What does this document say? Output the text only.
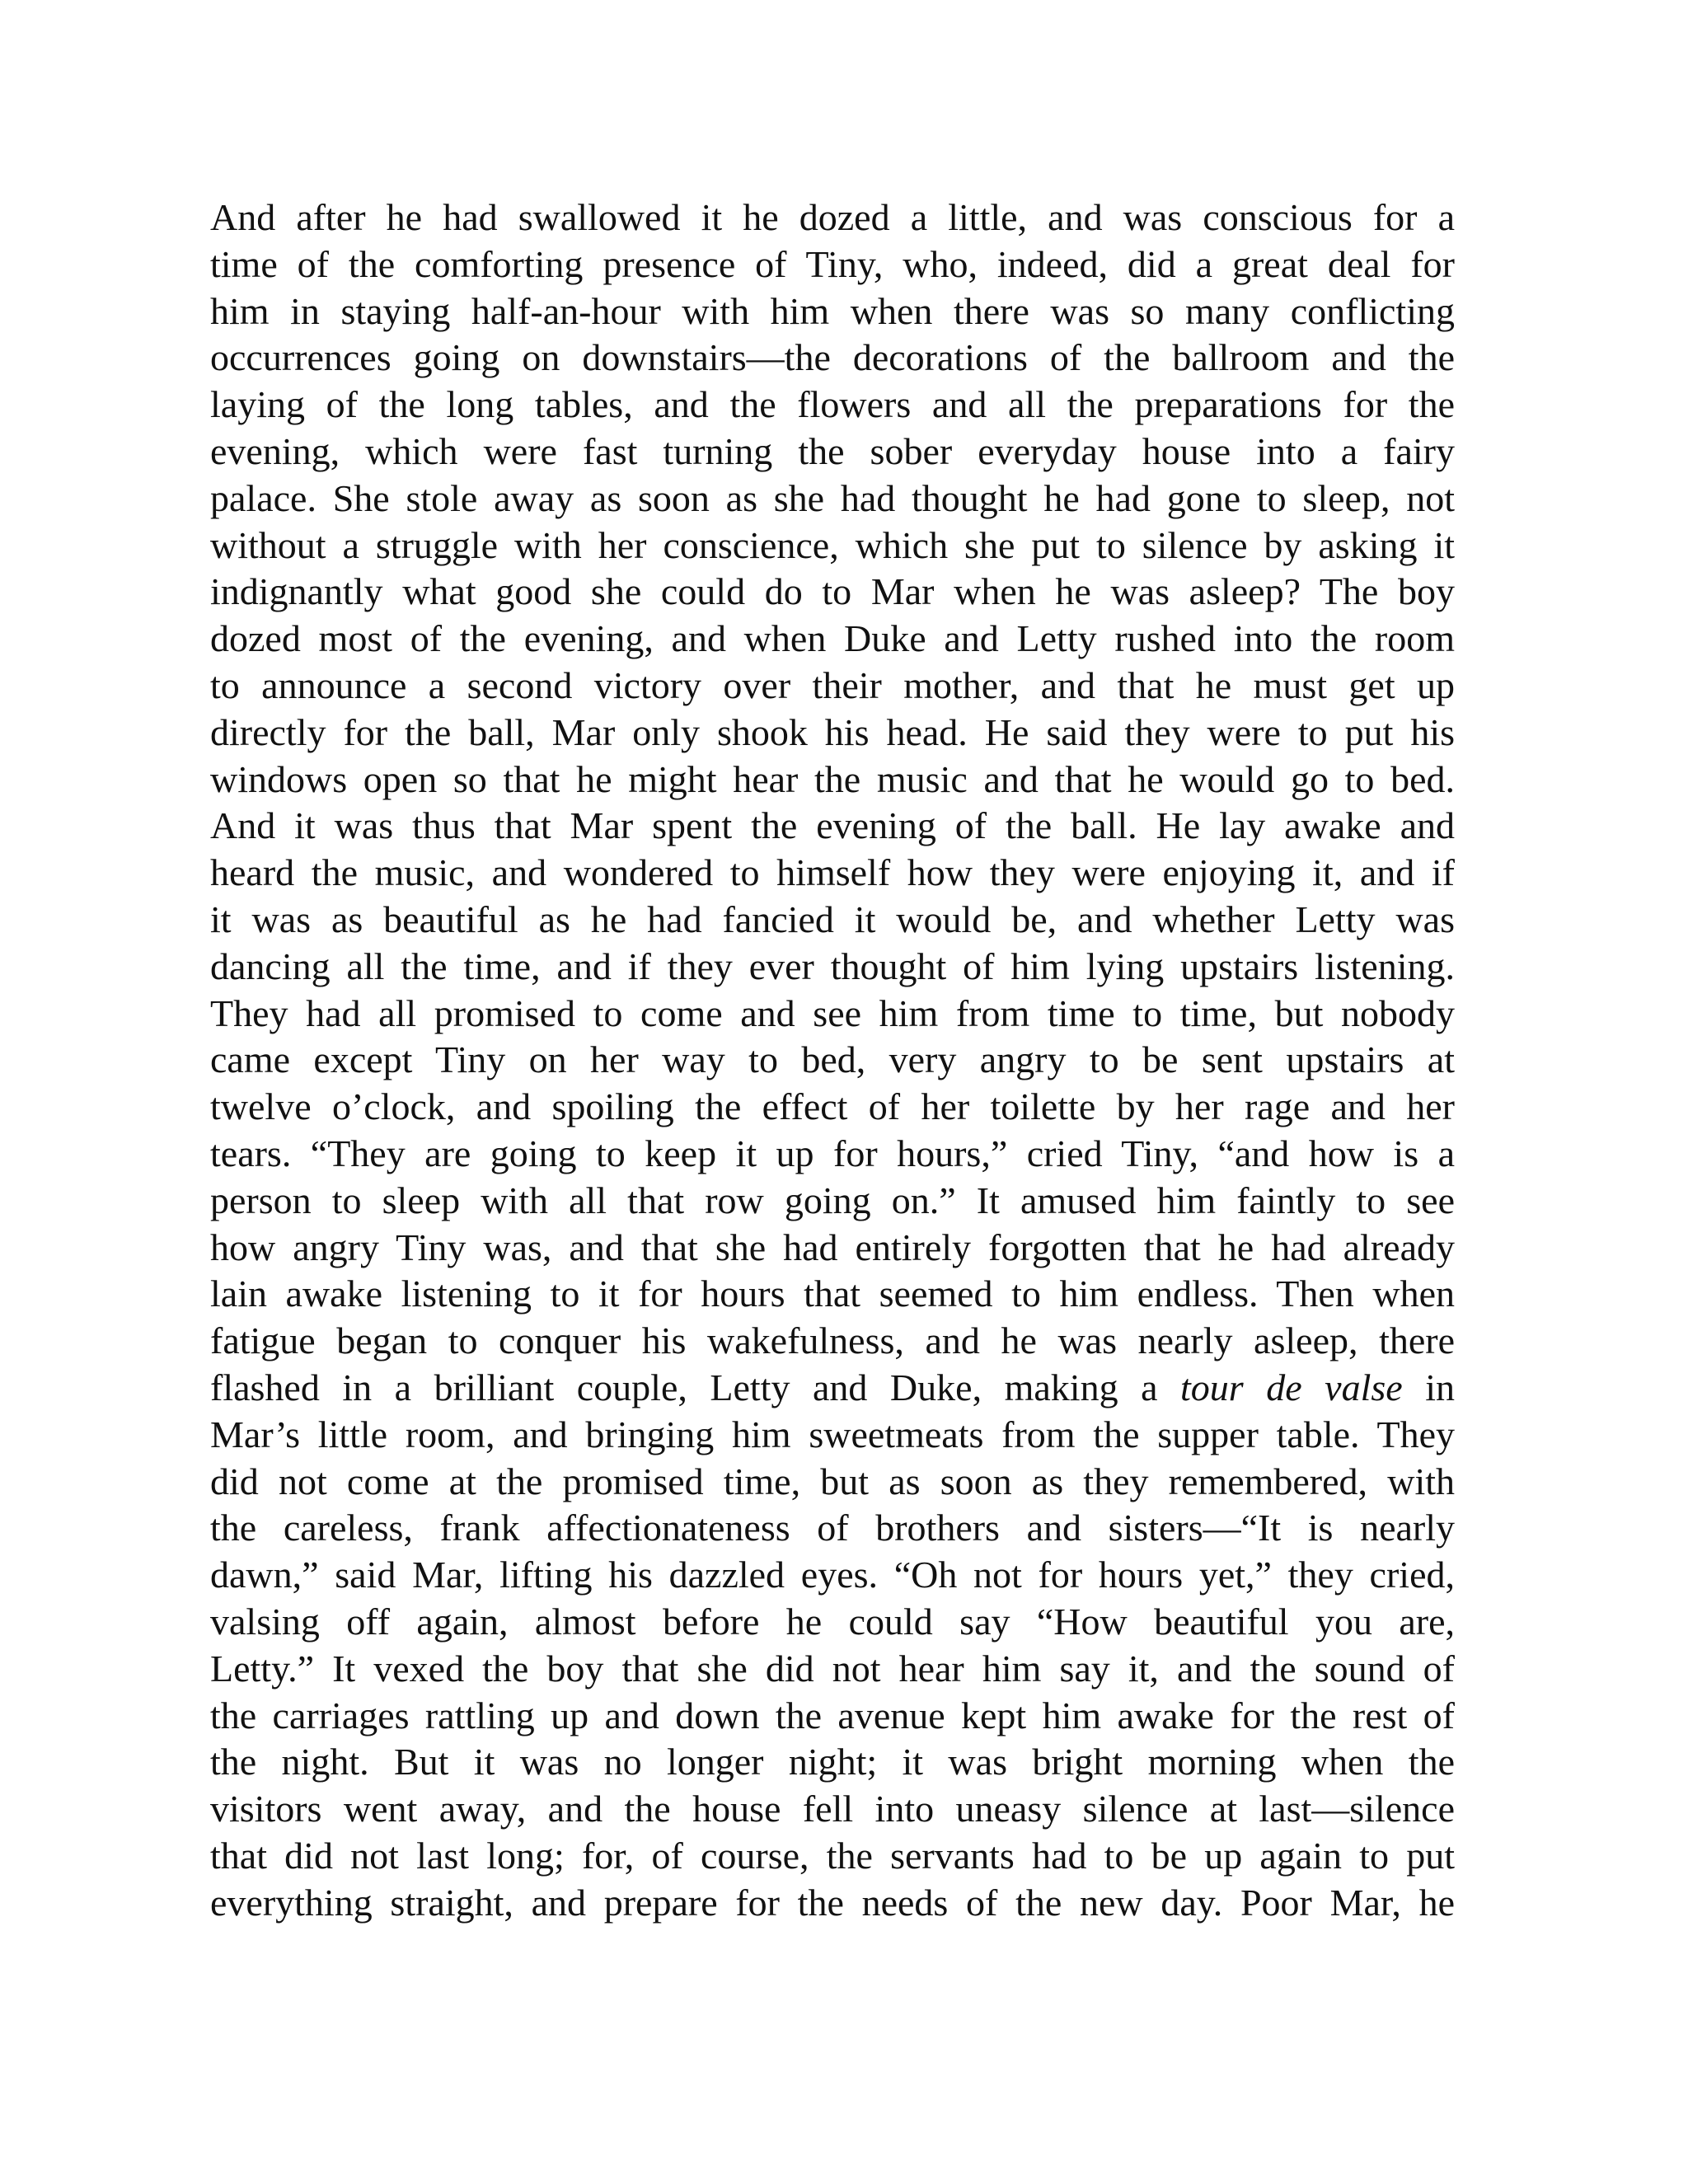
And after he had swallowed it he dozed a little, and was conscious for a
time of the comforting presence of Tiny, who, indeed, did a great deal for
him in staying half-an-hour with him when there was so many conflicting
occurrences going on downstairs—the decorations of the ballroom and the
laying of the long tables, and the flowers and all the preparations for the
evening, which were fast turning the sober everyday house into a fairy
palace. She stole away as soon as she had thought he had gone to sleep, not
without a struggle with her conscience, which she put to silence by asking it
indignantly what good she could do to Mar when he was asleep? The boy
dozed most of the evening, and when Duke and Letty rushed into the room
to announce a second victory over their mother, and that he must get up
directly for the ball, Mar only shook his head. He said they were to put his
windows open so that he might hear the music and that he would go to bed.
And it was thus that Mar spent the evening of the ball. He lay awake and
heard the music, and wondered to himself how they were enjoying it, and if
it was as beautiful as he had fancied it would be, and whether Letty was
dancing all the time, and if they ever thought of him lying upstairs listening.
They had all promised to come and see him from time to time, but nobody
came except Tiny on her way to bed, very angry to be sent upstairs at
twelve o’clock, and spoiling the effect of her toilette by her rage and her
tears. “They are going to keep it up for hours,” cried Tiny, “and how is a
person to sleep with all that row going on.” It amused him faintly to see
how angry Tiny was, and that she had entirely forgotten that he had already
lain awake listening to it for hours that seemed to him endless. Then when
fatigue began to conquer his wakefulness, and he was nearly asleep, there
flashed in a brilliant couple, Letty and Duke, making a tour de valse in
Mar’s little room, and bringing him sweetmeats from the supper table. They
did not come at the promised time, but as soon as they remembered, with
the careless, frank affectionateness of brothers and sisters—“It is nearly
dawn,” said Mar, lifting his dazzled eyes. “Oh not for hours yet,” they cried,
valsing off again, almost before he could say “How beautiful you are,
Letty.” It vexed the boy that she did not hear him say it, and the sound of
the carriages rattling up and down the avenue kept him awake for the rest of
the night. But it was no longer night; it was bright morning when the
visitors went away, and the house fell into uneasy silence at last—silence
that did not last long; for, of course, the servants had to be up again to put
everything straight, and prepare for the needs of the new day. Poor Mar, he
